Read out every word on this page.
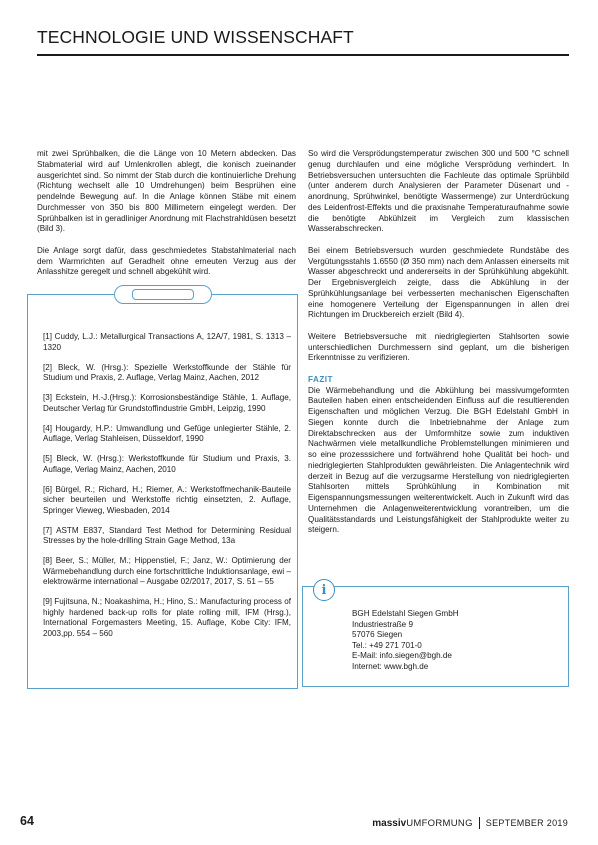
TECHNOLOGIE UND WISSENSCHAFT

mit zwei Sprühbalken, die die Länge von 10 Metern abdecken. Das Stabmaterial wird auf Umlenkrollen ablegt, die konisch zueinander ausgerichtet sind. So nimmt der Stab durch die kontinuierliche Drehung (Richtung wechselt alle 10 Umdrehungen) beim Besprühen eine pendelnde Bewegung auf. In die Anlage können Stäbe mit einem Durchmesser von 350 bis 800 Millimetern eingelegt werden. Der Sprühbalken ist in geradliniger Anordnung mit Flachstrahldüsen besetzt (Bild 3).

Die Anlage sorgt dafür, dass geschmiedetes Stabstahlmaterial nach dem Warmrichten auf Geradheit ohne erneuten Verzug aus der Anlasshitze geregelt und schnell abgekühlt wird.

[1] Cuddy, L.J.: Metallurgical Transactions A, 12A/7, 1981, S. 1313 – 1320
[2] Bleck, W. (Hrsg.): Spezielle Werkstoffkunde der Stähle für Studium und Praxis, 2. Auflage, Verlag Mainz, Aachen, 2012
[3] Eckstein, H.-J.(Hrsg.): Korrosionsbeständige Stähle, 1. Auflage, Deutscher Verlag für Grundstoffindustrie GmbH, Leipzig, 1990
[4] Hougardy, H.P.: Umwandlung und Gefüge unlegierter Stähle, 2. Auflage, Verlag Stahleisen, Düsseldorf, 1990
[5] Bleck, W. (Hrsg.): Werkstoffkunde für Studium und Praxis, 3. Auflage, Verlag Mainz, Aachen, 2010
[6] Bürgel, R.; Richard, H.; Riemer, A.: Werkstoffmechanik-Bauteile sicher beurteilen und Werkstoffe richtig einsetzten, 2. Auflage, Springer Vieweg, Wiesbaden, 2014
[7] ASTM E837, Standard Test Method for Determining Residual Stresses by the hole-drilling Strain Gage Method, 13a
[8] Beer, S.; Müller, M.; Hippenstiel, F.; Janz, W.: Optimierung der Wärmebehandlung durch eine fortschrittliche Induktionsanlage, ewi – elektrowärme international – Ausgabe 02/2017, 2017, S. 51 – 55
[9] Fujitsuna, N.; Noakashima, H.; Hino, S.: Manufacturing process of highly hardened back-up rolls for plate rolling mill, IFM (Hrsg.), International Forgemasters Meeting, 15. Auflage, Kobe City: IFM, 2003,pp. 554 – 560

So wird die Versprödungstemperatur zwischen 300 und 500 °C schnell genug durchlaufen und eine mögliche Versprödung verhindert. In Betriebsversuchen untersuchten die Fachleute das optimale Sprühbild (unter anderem durch Analysieren der Parameter Düsenart und -anordnung, Sprühwinkel, benötigte Wassermenge) zur Unterdrückung des Leidenfrost-Effekts und die praxisnahe Temperaturaufnahme sowie die benötigte Abkühlzeit im Vergleich zum klassischen Wasserabschrecken.

Bei einem Betriebsversuch wurden geschmiedete Rundstäbe des Vergütungsstahls 1.6550 (Ø 350 mm) nach dem Anlassen einerseits mit Wasser abgeschreckt und andererseits in der Sprühkühlung abgekühlt. Der Ergebnisvergleich zeigte, dass die Abkühlung in der Sprühkühlungsanlage bei verbesserten mechanischen Eigenschaften eine homogenere Verteilung der Eigenspannungen in allen drei Richtungen im Druckbereich erzielt (Bild 4).

Weitere Betriebsversuche mit niedriglegierten Stahlsorten sowie unterschiedlichen Durchmessern sind geplant, um die bisherigen Erkenntnisse zu verifizieren.

FAZIT

Die Wärmebehandlung und die Abkühlung bei massivumgeformten Bauteilen haben einen entscheidenden Einfluss auf die resultierenden Eigenschaften und möglichen Verzug. Die BGH Edelstahl GmbH in Siegen konnte durch die Inbetriebnahme der Anlage zum Direktabschrecken aus der Umformhitze sowie zum induktiven Nachwärmen viele metallkundliche Problemstellungen minimieren und so eine prozesssichere und fortwährend hohe Qualität bei hoch- und niedriglegierten Stahlprodukten gewährleisten. Die Anlagentechnik wird derzeit in Bezug auf die verzugsarme Herstellung von niedriglegierten Stahlsorten mittels Sprühkühlung in Kombination mit Eigenspannungsmessungen weiterentwickelt. Auch in Zukunft wird das Unternehmen die Anlagenweiterentwicklung vorantreiben, um die Qualitätsstandards und Leistungsfähigkeit der Stahlprodukte weiter zu steigern.

i
BGH Edelstahl Siegen GmbH
Industriestraße 9
57076 Siegen
Tel.: +49 271 701-0
E-Mail: info.siegen@bgh.de
Internet: www.bgh.de
64	massiv UMFORMUNG SEPTEMBER 2019
